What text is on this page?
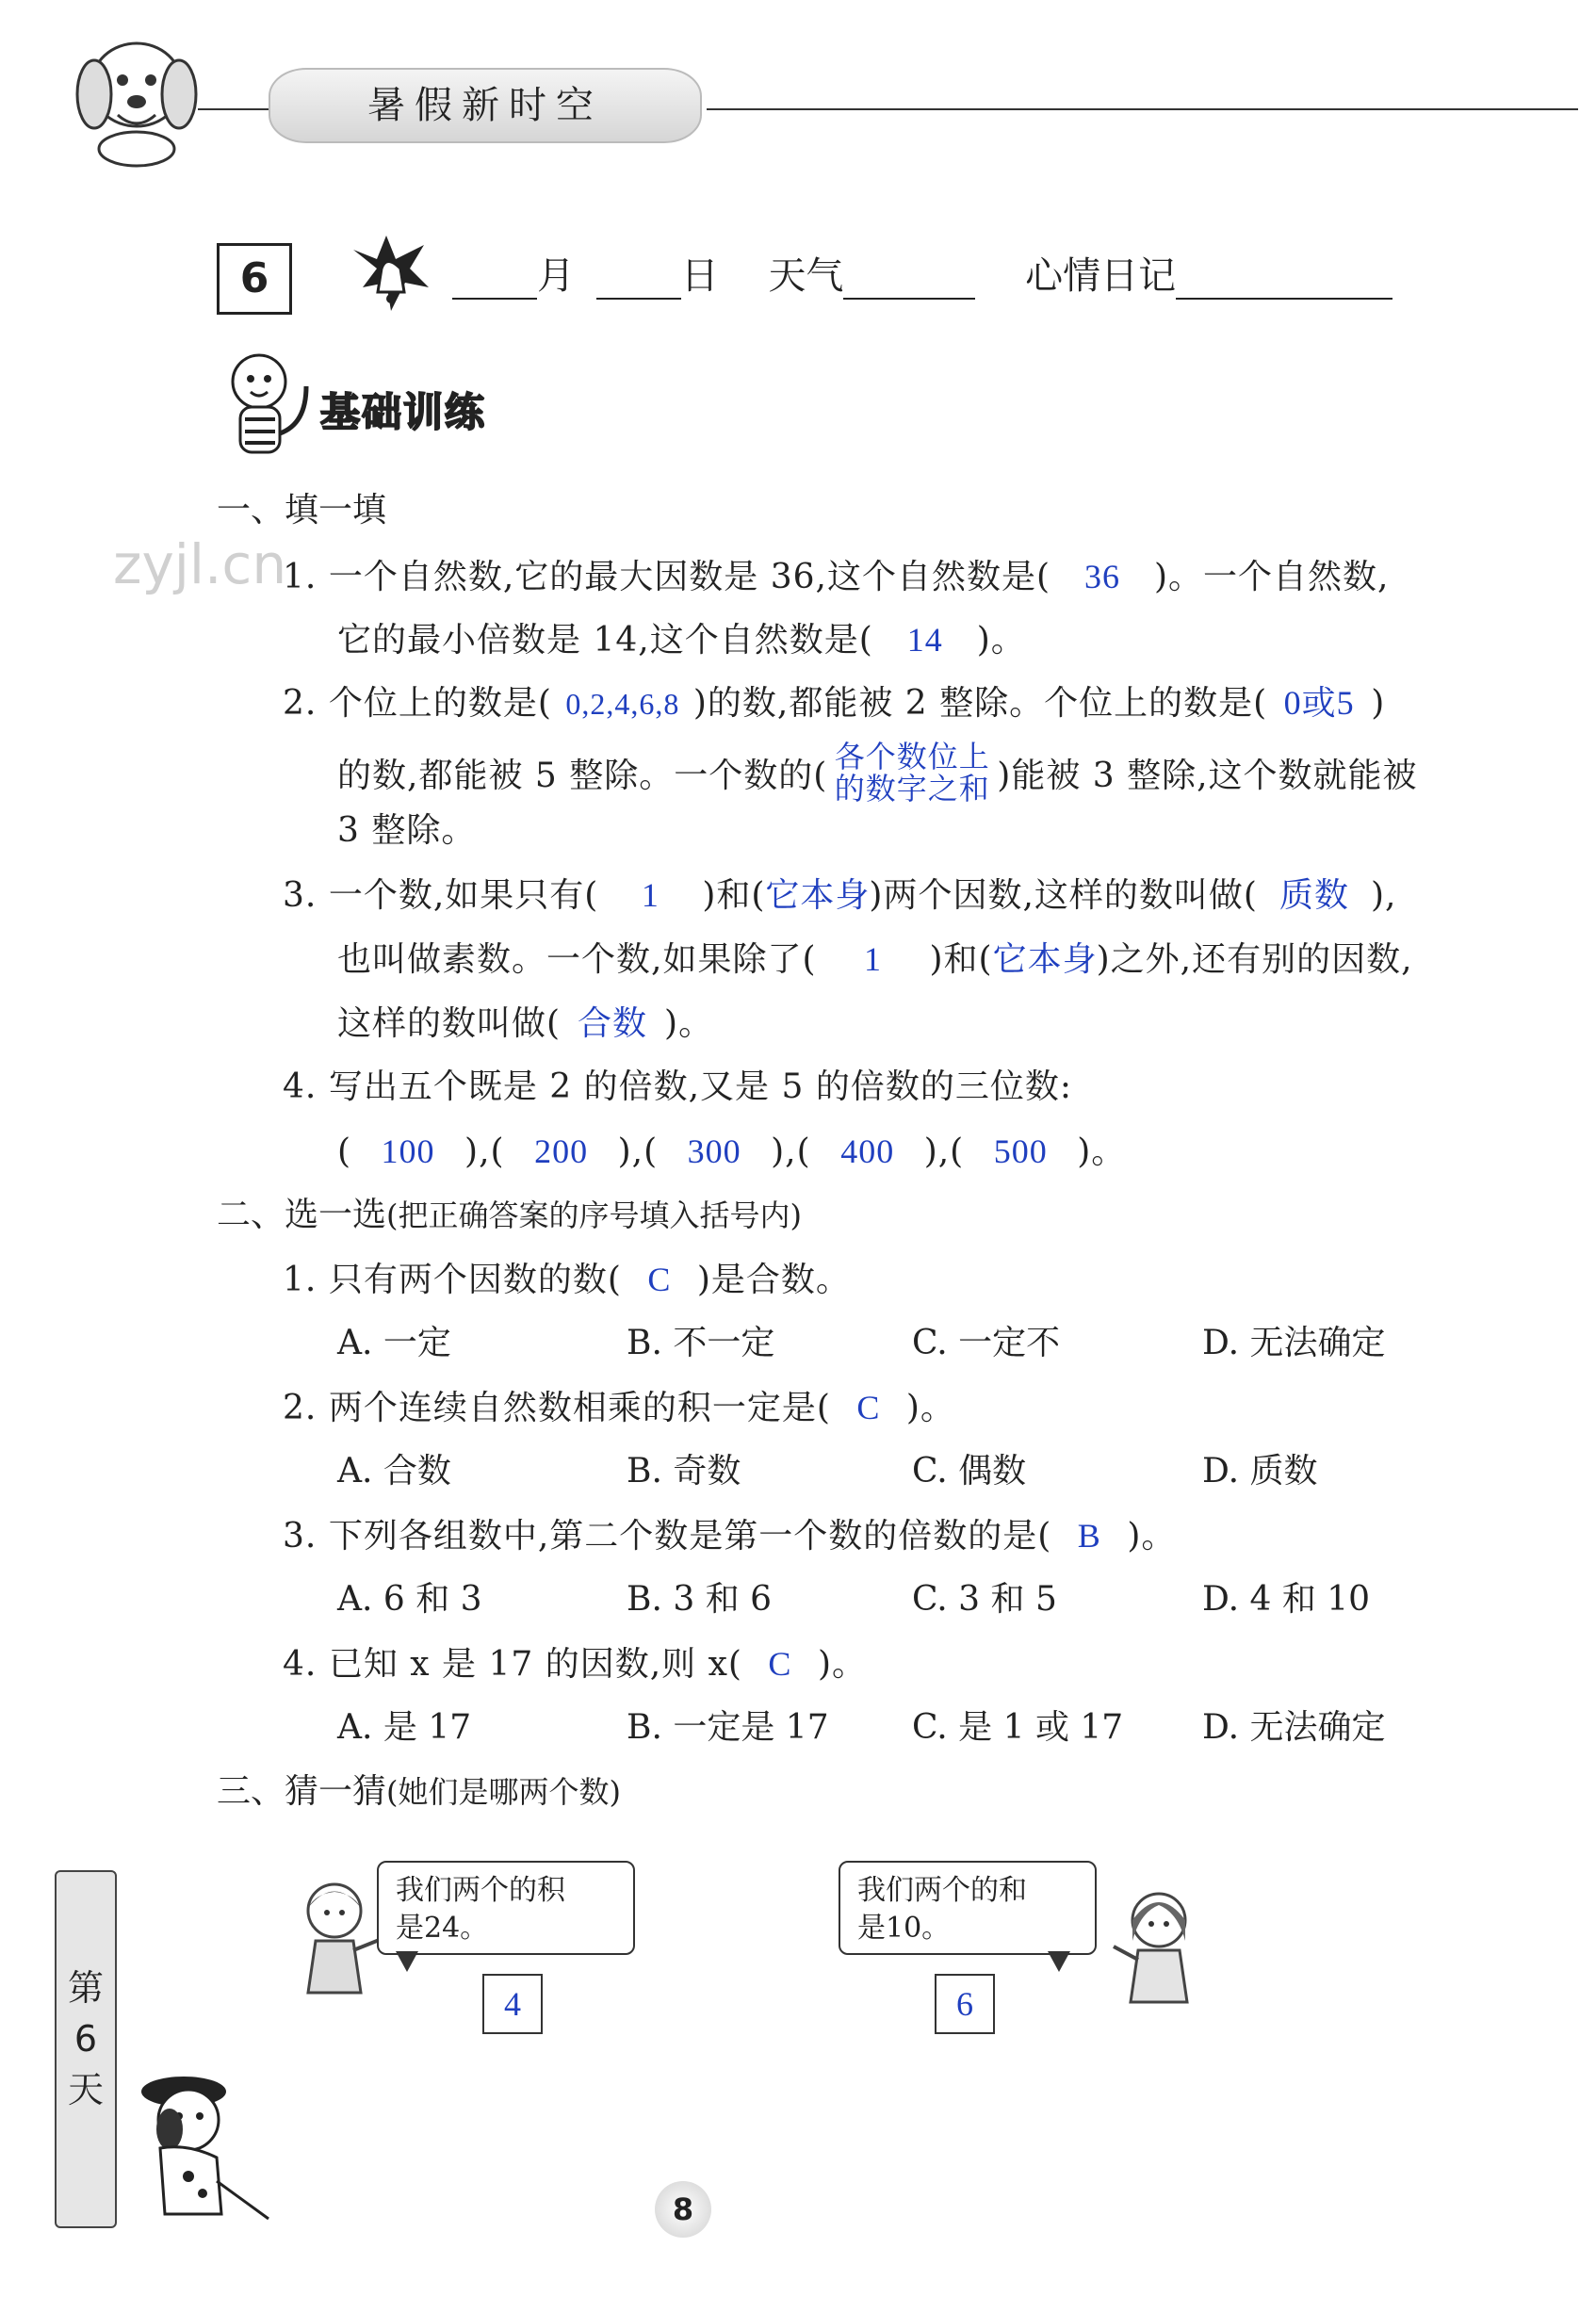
暑假新时空
6	月	日 天气	心情日记
基础训练
zyjl.cn
一、填一填
1. 一个自然数,它的最大因数是 36,这个自然数是( 36 )。一个自然数,
它的最小倍数是 14,这个自然数是( 14 )。
2. 个位上的数是( 0,2,4,6,8 )的数,都能被 2 整除。个位上的数是( 0或5 )
的数,都能被 5 整除。一个数的( 各个数位上
的数字之和 )能被 3 整除,这个数就能被
3 整除。
3. 一个数,如果只有( 1 )和(它本身)两个因数,这样的数叫做( 质数 ),
也叫做素数。一个数,如果除了( 1 )和(它本身)之外,还有别的因数,
这样的数叫做( 合数 )。
4. 写出五个既是 2 的倍数,又是 5 的倍数的三位数:
( 100 ),( 200 ),( 300 ),( 400 ),( 500 )。
二、选一选(把正确答案的序号填入括号内)
1. 只有两个因数的数( C )是合数。
A. 一定	B. 不一定	C. 一定不	D. 无法确定
2. 两个连续自然数相乘的积一定是( C )。
A. 合数	B. 奇数	C. 偶数	D. 质数
3. 下列各组数中,第二个数是第一个数的倍数的是( B )。
A. 6 和 3	B. 3 和 6	C. 3 和 5	D. 4 和 10
4. 已知 x 是 17 的因数,则 x( C )。
A. 是 17	B. 一定是 17 C. 是 1 或 17 D. 无法确定
三、猜一猜(她们是哪两个数)
我们两个的积
是24。
4
我们两个的和
是10。
6
第
6
天
8
